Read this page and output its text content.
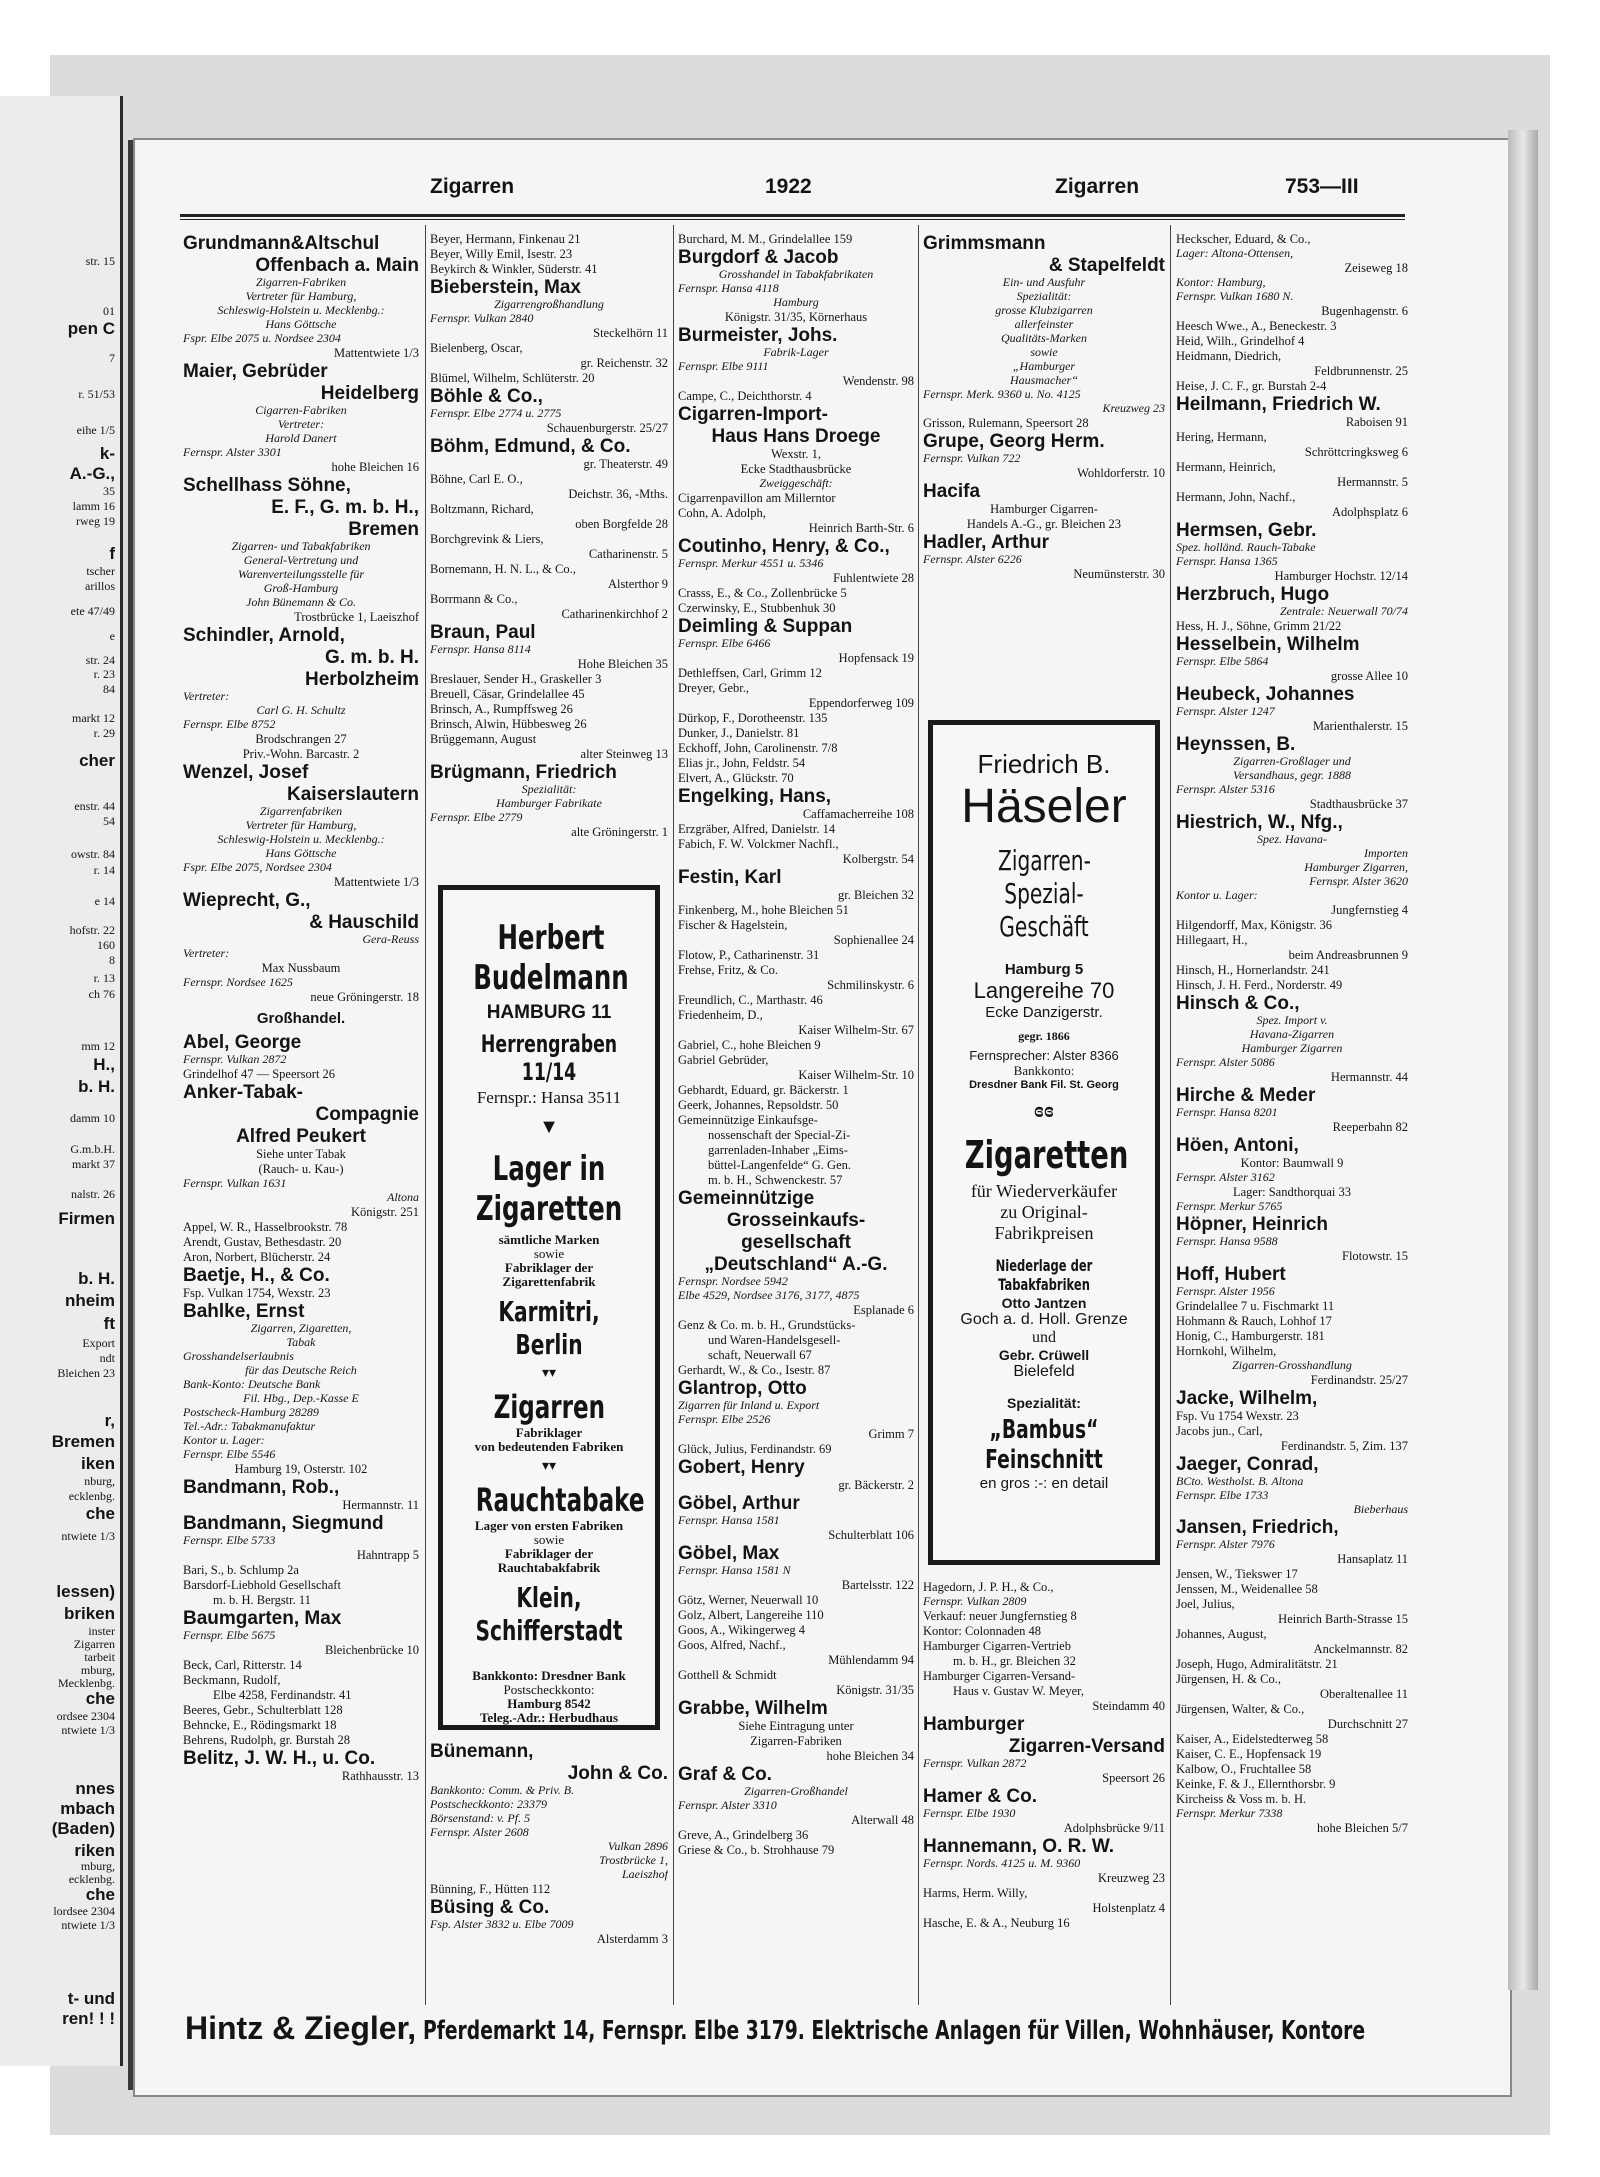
str. 15
01
pen C
7
r. 51/53
eihe 1/5
k-
A.-G.,
35
lamm 16
rweg 19
f
tscher
arillos
ete 47/49
e
str. 24
r. 23
84
markt 12
r. 29
cher
enstr. 44
54
owstr. 84
r. 14
e 14
hofstr. 22
160
8
r. 13
ch 76
mm 12
H.,
b. H.
damm 10
G.m.b.H.
markt 37
nalstr. 26
Firmen
b. H.
nheim
ft
Export
ndt
Bleichen 23
r,
Bremen
iken
nburg,
ecklenbg.
che
ntwiete 1/3
lessen)
briken
inster
Zigarren
tarbeit
mburg,
Mecklenbg.
che
ordsee 2304
ntwiete 1/3
nnes
mbach
(Baden)
riken
mburg,
ecklenbg.
che
lordsee 2304
ntwiete 1/3
t- und
ren! ! !
Zigarren	1922	Zigarren	753—III
Grundmann&Altschul
Offenbach a. Main
Zigarren-Fabriken
Vertreter für Hamburg,
Schleswig-Holstein u. Mecklenbg.:
Hans Göttsche
Fspr. Elbe 2075 u. Nordsee 2304
Mattentwiete 1/3
Maier, Gebrüder
Heidelberg
Cigarren-Fabriken
Vertreter:
Harold Danert
Fernspr. Alster 3301
hohe Bleichen 16
Schellhass Söhne,
E. F., G. m. b. H.,
Bremen
Zigarren- und Tabakfabriken
General-Vertretung und
Warenverteilungsstelle für
Groß-Hamburg
John Bünemann & Co.
Trostbrücke 1, Laeiszhof
Schindler, Arnold,
G. m. b. H.
Herbolzheim
Vertreter:
Carl G. H. Schultz
Fernspr. Elbe 8752
Brodschrangen 27
Priv.-Wohn. Barcastr. 2
Wenzel, Josef
Kaiserslautern
Zigarrenfabriken
Vertreter für Hamburg,
Schleswig-Holstein u. Mecklenbg.:
Hans Göttsche
Fspr. Elbe 2075, Nordsee 2304
Mattentwiete 1/3
Wieprecht, G.,
& Hauschild
Gera-Reuss
Vertreter:
Max Nussbaum
Fernspr. Nordsee 1625
neue Gröningerstr. 18
Großhandel.
Abel, George
Fernspr. Vulkan 2872
Grindelhof 47 — Speersort 26
Anker-Tabak-
Compagnie
Alfred Peukert
Siehe unter Tabak
(Rauch- u. Kau-)
Fernspr. Vulkan 1631
Altona
Königstr. 251
Appel, W. R., Hasselbrookstr. 78
Arendt, Gustav, Bethesdastr. 20
Aron, Norbert, Blücherstr. 24
Baetje, H., & Co.
Fsp. Vulkan 1754, Wexstr. 23
Bahlke, Ernst
Zigarren, Zigaretten,
Tabak
Grosshandelserlaubnis
für das Deutsche Reich
Bank-Konto: Deutsche Bank
Fil. Hbg., Dep.-Kasse E
Postscheck-Hamburg 28289
Tel.-Adr.: Tabakmanufaktur
Kontor u. Lager:
Fernspr. Elbe 5546
Hamburg 19, Osterstr. 102
Bandmann, Rob.,
Hermannstr. 11
Bandmann, Siegmund
Fernspr. Elbe 5733
Hahntrapp 5
Bari, S., b. Schlump 2a
Barsdorf-Liebhold Gesellschaft
m. b. H. Bergstr. 11
Baumgarten, Max
Fernspr. Elbe 5675
Bleichenbrücke 10
Beck, Carl, Ritterstr. 14
Beckmann, Rudolf,
Elbe 4258, Ferdinandstr. 41
Beeres, Gebr., Schulterblatt 128
Behncke, E., Rödingsmarkt 18
Behrens, Rudolph, gr. Burstah 28
Belitz, J. W. H., u. Co.
Rathhausstr. 13
Beyer, Hermann, Finkenau 21
Beyer, Willy Emil, Isestr. 23
Beykirch & Winkler, Süderstr. 41
Bieberstein, Max
Zigarrengroßhandlung
Fernspr. Vulkan 2840
Steckelhörn 11
Bielenberg, Oscar,
gr. Reichenstr. 32
Blümel, Wilhelm, Schlüterstr. 20
Böhle & Co.,
Fernspr. Elbe 2774 u. 2775
Schauenburgerstr. 25/27
Böhm, Edmund, & Co.
gr. Theaterstr. 49
Böhne, Carl E. O.,
Deichstr. 36, -Mths.
Boltzmann, Richard,
oben Borgfelde 28
Borchgrevink & Liers,
Catharinenstr. 5
Bornemann, H. N. L., & Co.,
Alsterthor 9
Borrmann & Co.,
Catharinenkirchhof 2
Braun, Paul
Fernspr. Hansa 8114
Hohe Bleichen 35
Breslauer, Sender H., Graskeller 3
Breuell, Cäsar, Grindelallee 45
Brinsch, A., Rumpffsweg 26
Brinsch, Alwin, Hübbesweg 26
Brüggemann, August
alter Steinweg 13
Brügmann, Friedrich
Spezialität:
Hamburger Fabrikate
Fernspr. Elbe 2779
alte Gröningerstr. 1
Burchard, M. M., Grindelallee 159
Burgdorf & Jacob
Grosshandel in Tabakfabrikaten
Fernspr. Hansa 4118
Hamburg
Königstr. 31/35, Körnerhaus
Burmeister, Johs.
Fabrik-Lager
Fernspr. Elbe 9111
Wendenstr. 98
Campe, C., Deichthorstr. 4
Cigarren-Import-
Haus Hans Droege
Wexstr. 1,
Ecke Stadthausbrücke
Zweiggeschäft:
Cigarrenpavillon am Millerntor
Cohn, A. Adolph,
Heinrich Barth-Str. 6
Coutinho, Henry, & Co.,
Fernspr. Merkur 4551 u. 5346
Fuhlentwiete 28
Crasss, E., & Co., Zollenbrücke 5
Czerwinsky, E., Stubbenhuk 30
Deimling & Suppan
Fernspr. Elbe 6466
Hopfensack 19
Dethleffsen, Carl, Grimm 12
Dreyer, Gebr.,
Eppendorferweg 109
Dürkop, F., Dorotheenstr. 135
Dunker, J., Danielstr. 81
Eckhoff, John, Carolinenstr. 7/8
Elias jr., John, Feldstr. 54
Elvert, A., Glückstr. 70
Engelking, Hans,
Caffamacherreihe 108
Erzgräber, Alfred, Danielstr. 14
Fabich, F. W. Volckmer Nachfl.,
Kolbergstr. 54
Festin, Karl
gr. Bleichen 32
Finkenberg, M., hohe Bleichen 51
Fischer & Hagelstein,
Sophienallee 24
Flotow, P., Catharinenstr. 31
Frehse, Fritz, & Co.
Schmilinskystr. 6
Freundlich, C., Marthastr. 46
Friedenheim, D.,
Kaiser Wilhelm-Str. 67
Gabriel, C., hohe Bleichen 9
Gabriel Gebrüder,
Kaiser Wilhelm-Str. 10
Gebhardt, Eduard, gr. Bäckerstr. 1
Geerk, Johannes, Repsoldstr. 50
Gemeinnützige Einkaufsge-
nossenschaft der Special-Zi-
garrenladen-Inhaber „Eims-
büttel-Langenfelde“ G. Gen.
m. b. H., Schwenckestr. 57
Gemeinnützige
Grosseinkaufs-
gesellschaft
„Deutschland“ A.-G.
Fernspr. Nordsee 5942
Elbe 4529, Nordsee 3176, 3177, 4875
Esplanade 6
Genz & Co. m. b. H., Grundstücks-
und Waren-Handelsgesell-
schaft, Neuerwall 67
Gerhardt, W., & Co., Isestr. 87
Glantrop, Otto
Zigarren für Inland u. Export
Fernspr. Elbe 2526
Grimm 7
Glück, Julius, Ferdinandstr. 69
Gobert, Henry
gr. Bäckerstr. 2
Göbel, Arthur
Fernspr. Hansa 1581
Schulterblatt 106
Göbel, Max
Fernspr. Hansa 1581 N
Bartelsstr. 122
Götz, Werner, Neuerwall 10
Golz, Albert, Langereihe 110
Goos, A., Wikingerweg 4
Goos, Alfred, Nachf.,
Mühlendamm 94
Gotthell & Schmidt
Königstr. 31/35
Grabbe, Wilhelm
Siehe Eintragung unter
Zigarren-Fabriken
hohe Bleichen 34
Graf & Co.
Zigarren-Großhandel
Fernspr. Alster 3310
Alterwall 48
Greve, A., Grindelberg 36
Griese & Co., b. Strohhause 79
Grimmsmann
& Stapelfeldt
Ein- und Ausfuhr
Spezialität:
grosse Klubzigarren
allerfeinster
Qualitäts-Marken
sowie
„Hamburger
Hausmacher“
Fernspr. Merk. 9360 u. No. 4125
Kreuzweg 23
Grisson, Rulemann, Speersort 28
Grupe, Georg Herm.
Fernspr. Vulkan 722
Wohldorferstr. 10
Hacifa
Hamburger Cigarren-
Handels A.-G., gr. Bleichen 23
Hadler, Arthur
Fernspr. Alster 6226
Neumünsterstr. 30
Hagedorn, J. P. H., & Co.,
Fernspr. Vulkan 2809
Verkauf: neuer Jungfernstieg 8
Kontor: Colonnaden 48
Hamburger Cigarren-Vertrieb
m. b. H., gr. Bleichen 32
Hamburger Cigarren-Versand-
Haus v. Gustav W. Meyer,
Steindamm 40
Hamburger
Zigarren-Versand
Fernspr. Vulkan 2872
Speersort 26
Hamer & Co.
Fernspr. Elbe 1930
Adolphsbrücke 9/11
Hannemann, O. R. W.
Fernspr. Nords. 4125 u. M. 9360
Kreuzweg 23
Harms, Herm. Willy,
Holstenplatz 4
Hasche, E. & A., Neuburg 16
Heckscher, Eduard, & Co.,
Lager: Altona-Ottensen,
Zeiseweg 18
Kontor: Hamburg,
Fernspr. Vulkan 1680 N.
Bugenhagenstr. 6
Heesch Wwe., A., Beneckestr. 3
Heid, Wilh., Grindelhof 4
Heidmann, Diedrich,
Feldbrunnenstr. 25
Heise, J. C. F., gr. Burstah 2-4
Heilmann, Friedrich W.
Raboisen 91
Hering, Hermann,
Schröttcringksweg 6
Hermann, Heinrich,
Hermannstr. 5
Hermann, John, Nachf.,
Adolphsplatz 6
Hermsen, Gebr.
Spez. holländ. Rauch-Tabake
Fernspr. Hansa 1365
Hamburger Hochstr. 12/14
Herzbruch, Hugo
Zentrale: Neuerwall 70/74
Hess, H. J., Söhne, Grimm 21/22
Hesselbein, Wilhelm
Fernspr. Elbe 5864
grosse Allee 10
Heubeck, Johannes
Fernspr. Alster 1247
Marienthalerstr. 15
Heynssen, B.
Zigarren-Großlager und
Versandhaus, gegr. 1888
Fernspr. Alster 5316
Stadthausbrücke 37
Hiestrich, W., Nfg.,
Spez. Havana-
Importen
Hamburger Zigarren,
Fernspr. Alster 3620
Kontor u. Lager:
Jungfernstieg 4
Hilgendorff, Max, Königstr. 36
Hillegaart, H.,
beim Andreasbrunnen 9
Hinsch, H., Hornerlandstr. 241
Hinsch, J. H. Ferd., Norderstr. 49
Hinsch & Co.,
Spez. Import v.
Havana-Zigarren
Hamburger Zigarren
Fernspr. Alster 5086
Hermannstr. 44
Hirche & Meder
Fernspr. Hansa 8201
Reeperbahn 82
Höen, Antoni,
Kontor: Baumwall 9
Fernspr. Alster 3162
Lager: Sandthorquai 33
Fernspr. Merkur 5765
Höpner, Heinrich
Fernspr. Hansa 9588
Flotowstr. 15
Hoff, Hubert
Fernspr. Alster 1956
Grindelallee 7 u. Fischmarkt 11
Hohmann & Rauch, Lohhof 17
Honig, C., Hamburgerstr. 181
Hornkohl, Wilhelm,
Zigarren-Grosshandlung
Ferdinandstr. 25/27
Jacke, Wilhelm,
Fsp. Vu 1754 Wexstr. 23
Jacobs jun., Carl,
Ferdinandstr. 5, Zim. 137
Jaeger, Conrad,
BCto. Westholst. B. Altona
Fernspr. Elbe 1733
Bieberhaus
Jansen, Friedrich,
Fernspr. Alster 7976
Hansaplatz 11
Jensen, W., Tiekswег 17
Jenssen, M., Weidenallee 58
Joel, Julius,
Heinrich Barth-Strasse 15
Johannes, August,
Anckelmannstr. 82
Joseph, Hugo, Admiralitätstr. 21
Jürgensen, H. & Co.,
Oberaltenallee 11
Jürgensen, Walter, & Co.,
Durchschnitt 27
Kaiser, A., Eidelstedterweg 58
Kaiser, C. E., Hopfensack 19
Kalbow, O., Fruchtallee 58
Keinke, F. & J., Ellernthorsbr. 9
Kircheiss & Voss m. b. H.
Fernspr. Merkur 7338
hohe Bleichen 5/7
Bünemann,
John & Co.
Bankkonto: Comm. & Priv. B.
Postscheckkonto: 23379
Börsenstand: v. Pf. 5
Fernspr. Alster 2608
Vulkan 2896
Trostbrücke 1,
Laeiszhof
Bünning, F., Hütten 112
Büsing & Co.
Fsp. Alster 3832 u. Elbe 7009
Alsterdamm 3
Herbert Budelmann
HAMBURG 11
Herrengraben 11/14
Fernspr.: Hansa 3511
▼
Lager in Zigaretten
sämtliche Marken
sowie
Fabriklager der
Zigarettenfabrik
Karmitri, Berlin
▾▾
Zigarren
Fabriklager
von bedeutenden Fabriken
▾▾
Rauchtabake
Lager von ersten Fabriken
sowie
Fabriklager der
Rauchtabakfabrik
Klein, Schifferstadt
Bankkonto: Dresdner Bank
Postscheckkonto:
Hamburg 8542
Teleg.-Adr.: Herbudhaus
Friedrich B.
Häseler
Zigarren-
Spezial-Geschäft
Hamburg 5
Langereihe 70
Ecke Danzigerstr.
gegr. 1866
Fernsprecher: Alster 8366
Bankkonto:
Dresdner Bank Fil. St. Georg
ɞɞ
Zigaretten
für Wiederverkäufer
zu Original-
Fabrikpreisen
Niederlage der Tabakfabriken
Otto Jantzen
Goch a. d. Holl. Grenze
und
Gebr. Crüwell
Bielefeld
Spezialität:
„Bambus“ Feinschnitt
en gros :-: en detail
Hintz & Ziegler, Pferdemarkt 14, Fernspr. Elbe 3179. Elektrische Anlagen für Villen, Wohnhäuser, Kontore
